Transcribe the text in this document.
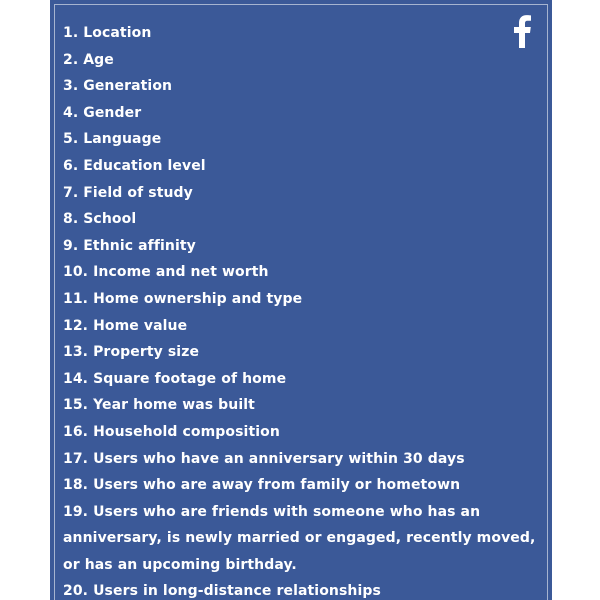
1. Location
2. Age
3. Generation
4. Gender
5. Language
6. Education level
7. Field of study
8. School
9. Ethnic affinity
10. Income and net worth
11. Home ownership and type
12. Home value
13. Property size
14. Square footage of home
15. Year home was built
16. Household composition
17. Users who have an anniversary within 30 days
18. Users who are away from family or hometown
19. Users who are friends with someone who has an anniversary, is newly married or engaged, recently moved, or has an upcoming birthday.
20. Users in long-distance relationships
